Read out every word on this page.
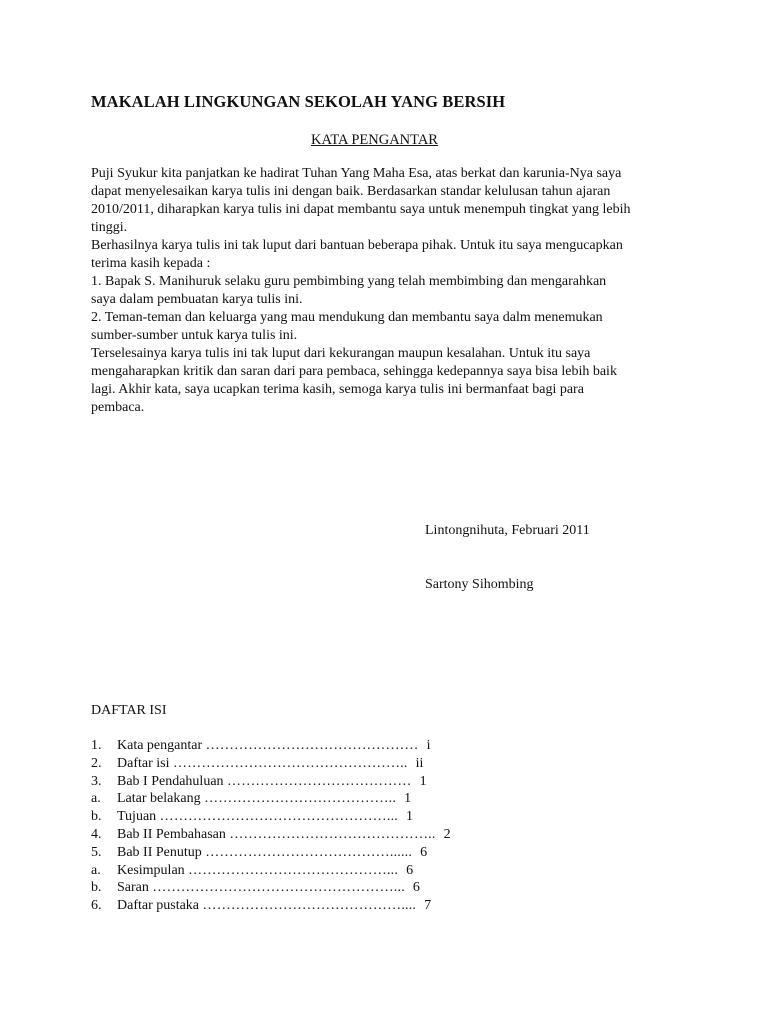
MAKALAH LINGKUNGAN SEKOLAH YANG BERSIH
KATA PENGANTAR
Puji Syukur kita panjatkan ke hadirat Tuhan Yang Maha Esa, atas berkat dan karunia-Nya saya
dapat menyelesaikan karya tulis ini dengan baik. Berdasarkan standar kelulusan tahun ajaran
2010/2011, diharapkan karya tulis ini dapat membantu saya untuk menempuh tingkat yang lebih
tinggi.
Berhasilnya karya tulis ini tak luput dari bantuan beberapa pihak. Untuk itu saya mengucapkan
terima kasih kepada :
1. Bapak S. Manihuruk selaku guru pembimbing yang telah membimbing dan mengarahkan
saya dalam pembuatan karya tulis ini.
2. Teman-teman dan keluarga yang mau mendukung dan membantu saya dalm menemukan
sumber-sumber untuk karya tulis ini.
Terselesainya karya tulis ini tak luput dari kekurangan maupun kesalahan. Untuk itu saya
mengaharapkan kritik dan saran dari para pembaca, sehingga kedepannya saya bisa lebih baik
lagi. Akhir kata, saya ucapkan terima kasih, semoga karya tulis ini bermanfaat bagi para
pembaca.
Lintongnihuta, Februari 2011
Sartony Sihombing
DAFTAR ISI
1. Kata pengantar ……………………………………… i
2. Daftar isi ………………………………………….. ii
3. Bab I Pendahuluan ………………………………… 1
a. Latar belakang ………………………………….. 1
b. Tujuan …………………………………………... 1
4. Bab II Pembahasan …………………………………….. 2
5. Bab II Penutup …………………………………...... 6
a. Kesimpulan ……………………………………... 6
b. Saran ……………………………………………... 6
6. Daftar pustaka …………………………………….... 7
